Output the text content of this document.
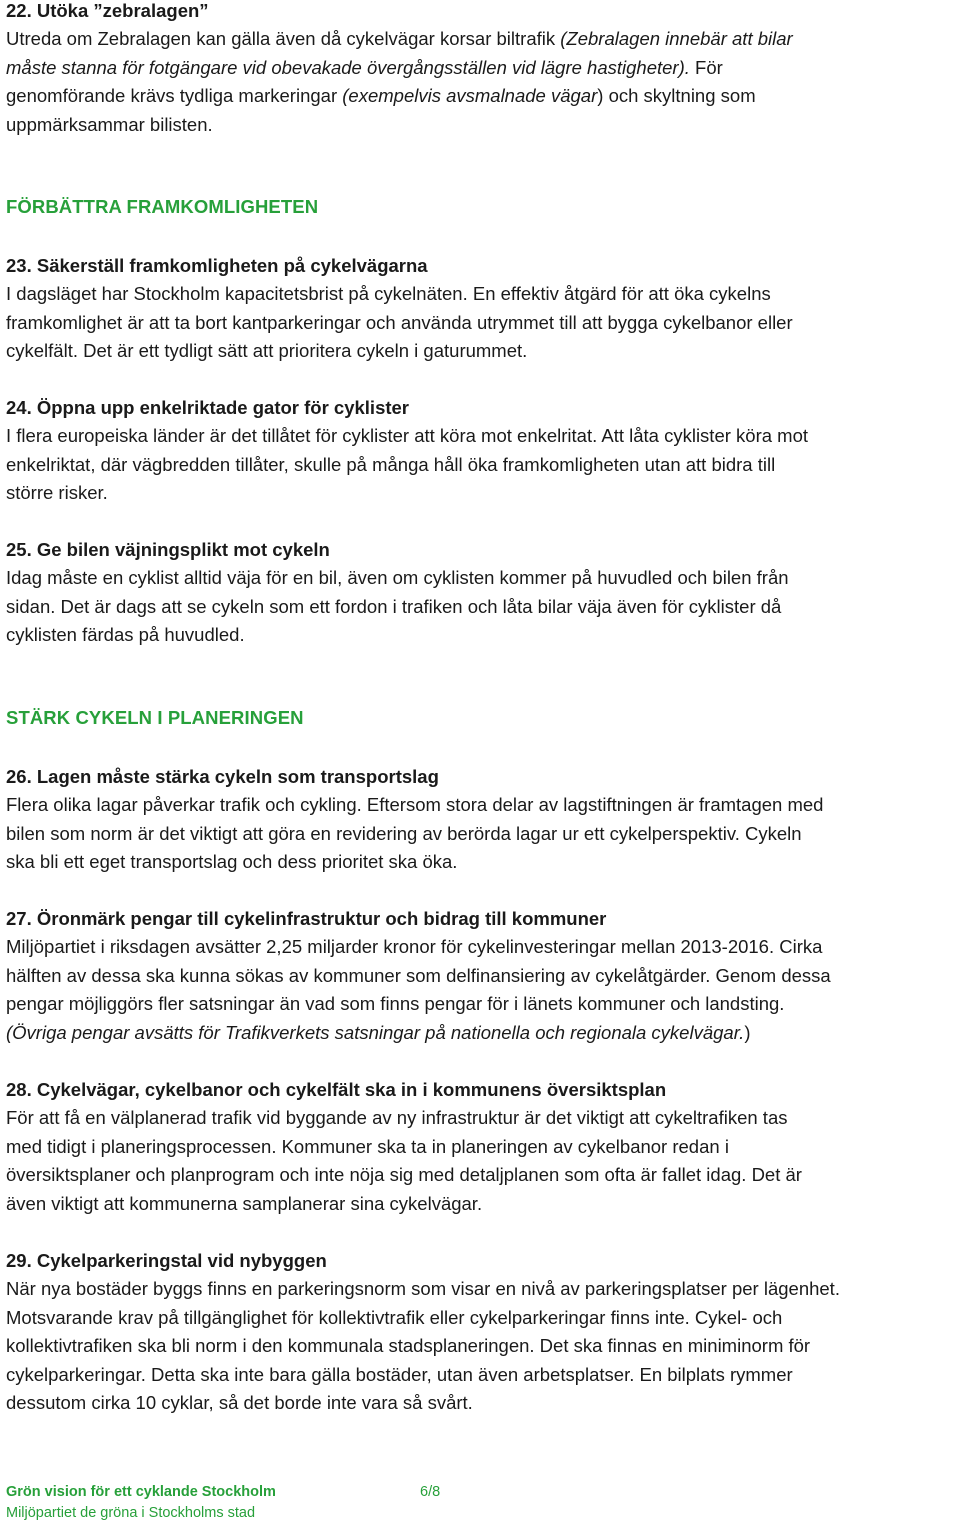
22. Utöka ”zebralagen”
Utreda om Zebralagen kan gälla även då cykelvägar korsar biltrafik (Zebralagen innebär att bilar
måste stanna för fotgängare vid obevakade övergångsställen vid lägre hastigheter). För
genomförande krävs tydliga markeringar (exempelvis avsmalnade vägar) och skyltning som
uppmärksammar bilisten.
FÖRBÄTTRA FRAMKOMLIGHETEN
23. Säkerställ framkomligheten på cykelvägarna
I dagsläget har Stockholm kapacitetsbrist på cykelnäten. En effektiv åtgärd för att öka cykelns
framkomlighet är att ta bort kantparkeringar och använda utrymmet till att bygga cykelbanor eller
cykelfält. Det är ett tydligt sätt att prioritera cykeln i gaturummet.
24. Öppna upp enkelriktade gator för cyklister
I flera europeiska länder är det tillåtet för cyklister att köra mot enkelritat. Att låta cyklister köra mot
enkelriktat, där vägbredden tillåter, skulle på många håll öka framkomligheten utan att bidra till
större risker.
25. Ge bilen väjningsplikt mot cykeln
Idag måste en cyklist alltid väja för en bil, även om cyklisten kommer på huvudled och bilen från
sidan. Det är dags att se cykeln som ett fordon i trafiken och låta bilar väja även för cyklister då
cyklisten färdas på huvudled.
STÄRK CYKELN I PLANERINGEN
26. Lagen måste stärka cykeln som transportslag
Flera olika lagar påverkar trafik och cykling. Eftersom stora delar av lagstiftningen är framtagen med
bilen som norm är det viktigt att göra en revidering av berörda lagar ur ett cykelperspektiv. Cykeln
ska bli ett eget transportslag och dess prioritet ska öka.
27. Öronmärk pengar till cykelinfrastruktur och bidrag till kommuner
Miljöpartiet i riksdagen avsätter 2,25 miljarder kronor för cykelinvesteringar mellan 2013-2016. Cirka
hälften av dessa ska kunna sökas av kommuner som delfinansiering av cykelåtgärder. Genom dessa
pengar möjliggörs fler satsningar än vad som finns pengar för i länets kommuner och landsting.
(Övriga pengar avsätts för Trafikverkets satsningar på nationella och regionala cykelvägar.)
28. Cykelvägar, cykelbanor och cykelfält ska in i kommunens översiktsplan
För att få en välplanerad trafik vid byggande av ny infrastruktur är det viktigt att cykeltrafiken tas
med tidigt i planeringsprocessen. Kommuner ska ta in planeringen av cykelbanor redan i
översiktsplaner och planprogram och inte nöja sig med detaljplanen som ofta är fallet idag. Det är
även viktigt att kommunerna samplanerar sina cykelvägar.
29. Cykelparkeringstal vid nybyggen
När nya bostäder byggs finns en parkeringsnorm som visar en nivå av parkeringsplatser per lägenhet.
Motsvarande krav på tillgänglighet för kollektivtrafik eller cykelparkeringar finns inte. Cykel- och
kollektivtrafiken ska bli norm i den kommunala stadsplaneringen. Det ska finnas en miniminorm för
cykelparkeringar. Detta ska inte bara gälla bostäder, utan även arbetsplatser. En bilplats rymmer
dessutom cirka 10 cyklar, så det borde inte vara så svårt.
Grön vision för ett cyklande Stockholm	6/8
Miljöpartiet de gröna i Stockholms stad
